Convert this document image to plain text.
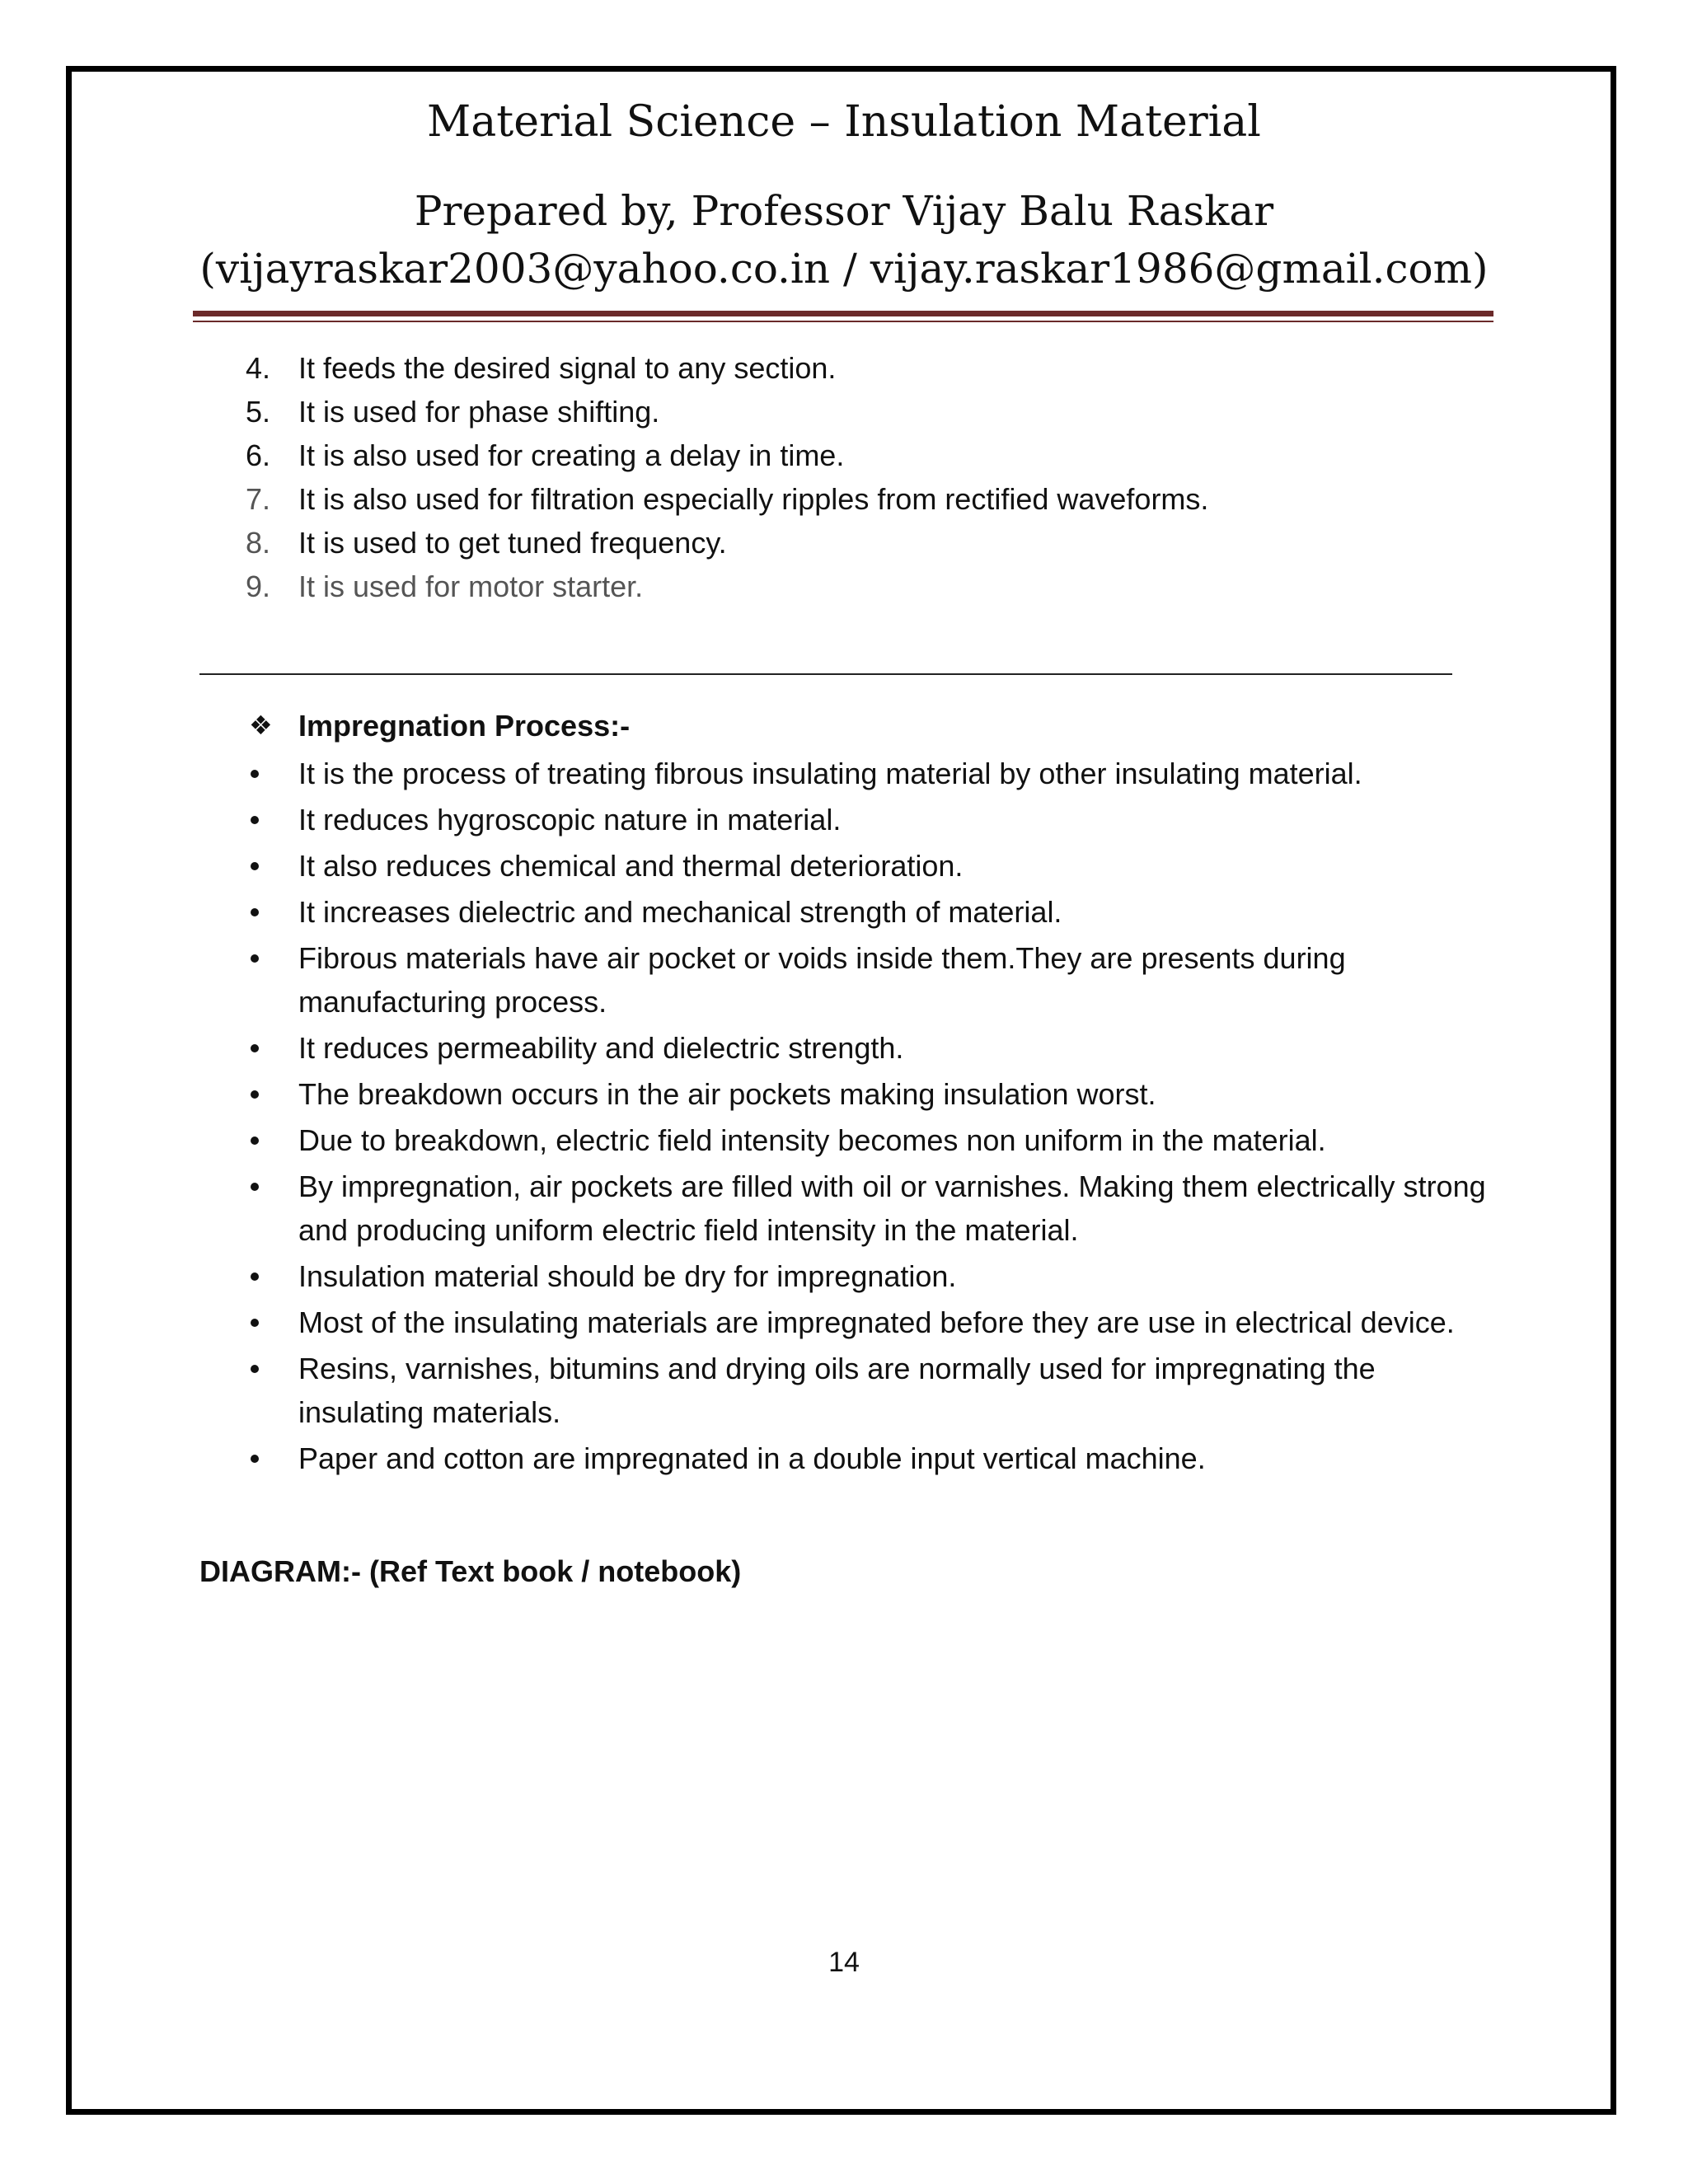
Material Science – Insulation Material
Prepared by, Professor Vijay Balu Raskar
(vijayraskar2003@yahoo.co.in / vijay.raskar1986@gmail.com)
4. It feeds the desired signal to any section.
5. It is used for phase shifting.
6. It is also used for creating a delay in time.
7. It is also used for filtration especially ripples from rectified waveforms.
8. It is used to get tuned frequency.
9. It is used for motor starter.
❖
Impregnation Process:-
It is the process of treating fibrous insulating material by other insulating material.
It reduces hygroscopic nature in material.
It also reduces chemical and thermal deterioration.
It increases dielectric and mechanical strength of material.
Fibrous materials have air pocket or voids inside them.They are presents during manufacturing process.
It reduces permeability and dielectric strength.
The breakdown occurs in the air pockets making insulation worst.
Due to breakdown, electric field intensity becomes non uniform in the material.
By impregnation, air pockets are filled with oil or varnishes. Making them electrically strong and producing uniform electric field intensity in the material.
Insulation material should be dry for impregnation.
Most of the insulating materials are impregnated before they are use in electrical device.
Resins, varnishes, bitumins and drying oils are normally used for impregnating the insulating materials.
Paper and cotton are impregnated in a double input vertical machine.
DIAGRAM:- (Ref Text book / notebook)
14
